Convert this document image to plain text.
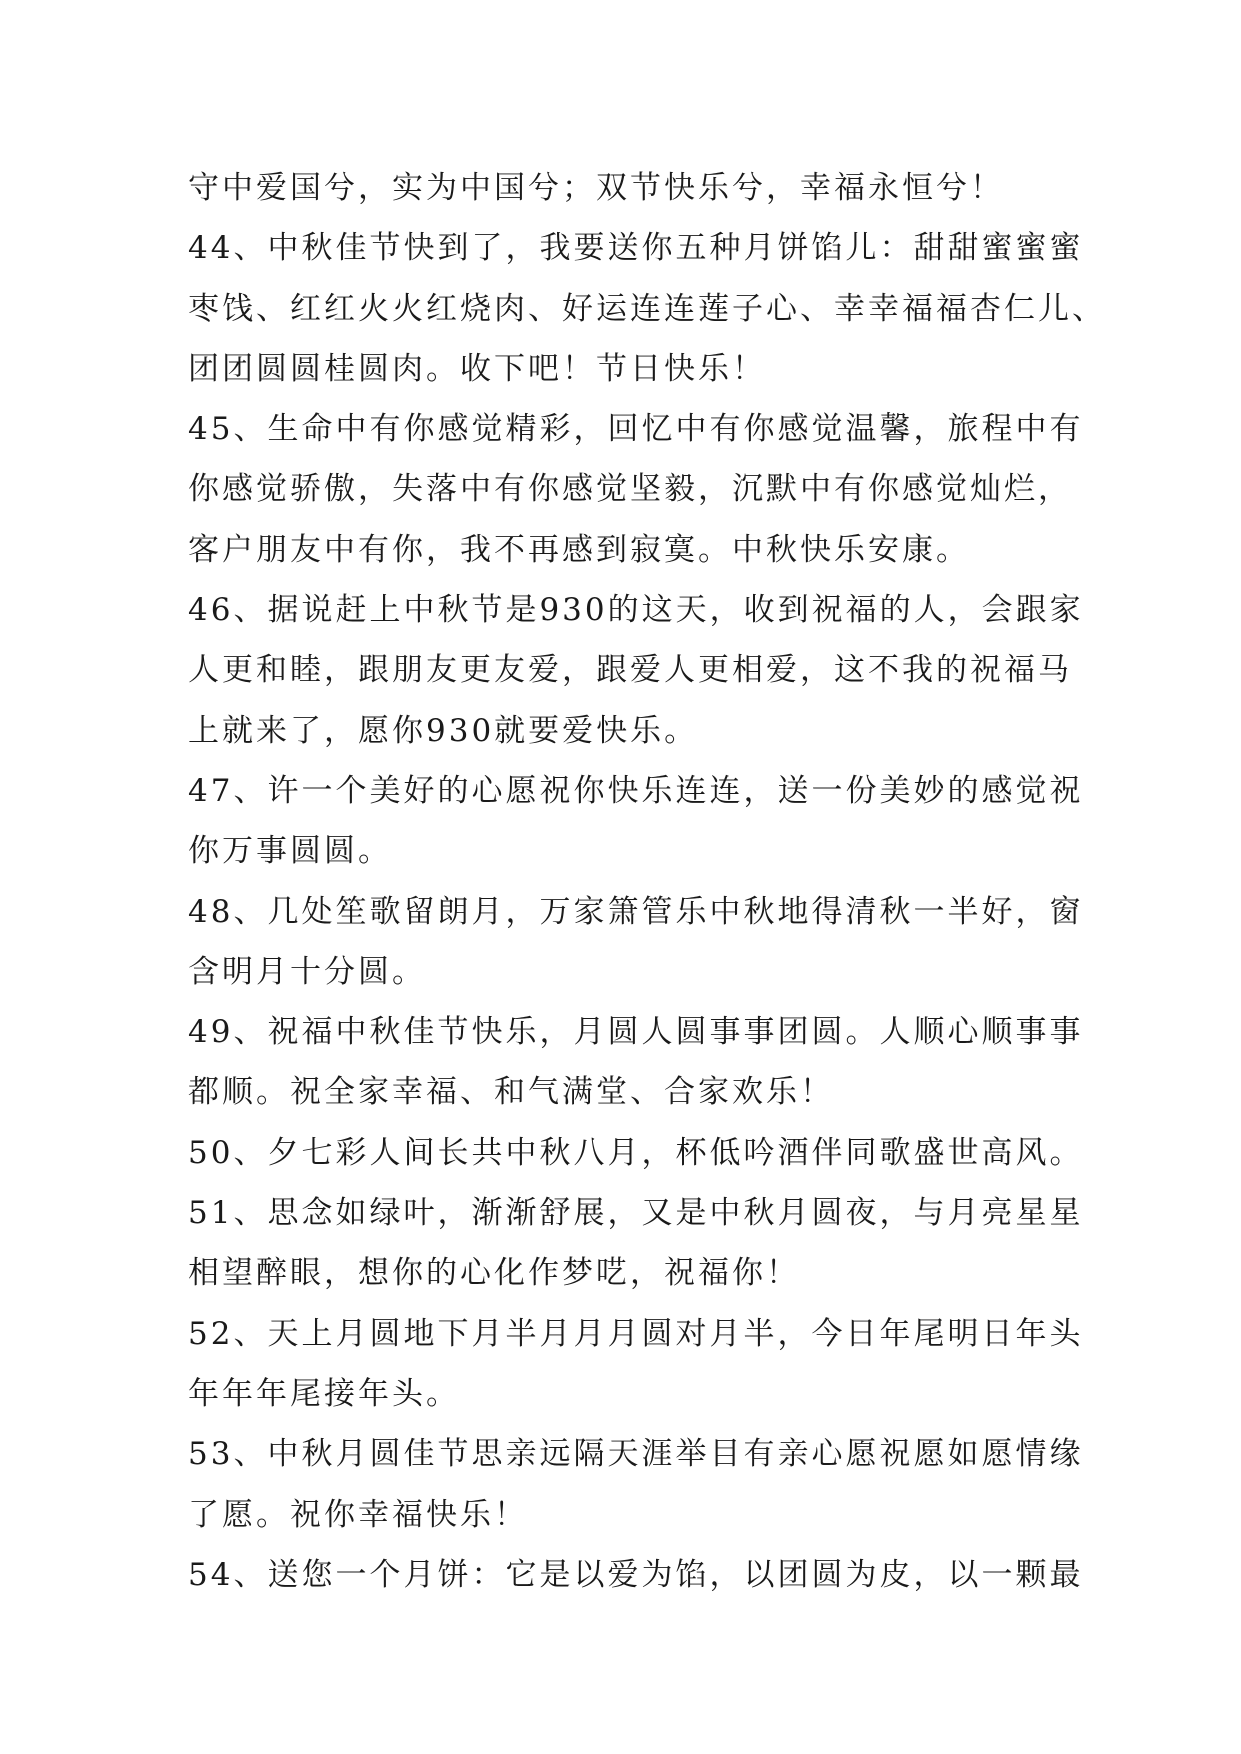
守中爱国兮，实为中国兮；双节快乐兮，幸福永恒兮！
44、中秋佳节快到了，我要送你五种月饼馅儿：甜甜蜜蜜蜜
枣饯、红红火火红烧肉、好运连连莲子心、幸幸福福杏仁儿、
团团圆圆桂圆肉。收下吧！节日快乐！
45、生命中有你感觉精彩，回忆中有你感觉温馨，旅程中有
你感觉骄傲，失落中有你感觉坚毅，沉默中有你感觉灿烂，
客户朋友中有你，我不再感到寂寞。中秋快乐安康。
46、据说赶上中秋节是930的这天，收到祝福的人，会跟家
人更和睦，跟朋友更友爱，跟爱人更相爱，这不我的祝福马
上就来了，愿你930就要爱快乐。
47、许一个美好的心愿祝你快乐连连，送一份美妙的感觉祝
你万事圆圆。
48、几处笙歌留朗月，万家箫管乐中秋地得清秋一半好，窗
含明月十分圆。
49、祝福中秋佳节快乐，月圆人圆事事团圆。人顺心顺事事
都顺。祝全家幸福、和气满堂、合家欢乐！
50、夕七彩人间长共中秋八月，杯低吟酒伴同歌盛世高风。
51、思念如绿叶，渐渐舒展，又是中秋月圆夜，与月亮星星
相望醉眼，想你的心化作梦呓，祝福你！
52、天上月圆地下月半月月月圆对月半，今日年尾明日年头
年年年尾接年头。
53、中秋月圆佳节思亲远隔天涯举目有亲心愿祝愿如愿情缘
了愿。祝你幸福快乐！
54、送您一个月饼：它是以爱为馅，以团圆为皮，以一颗最
